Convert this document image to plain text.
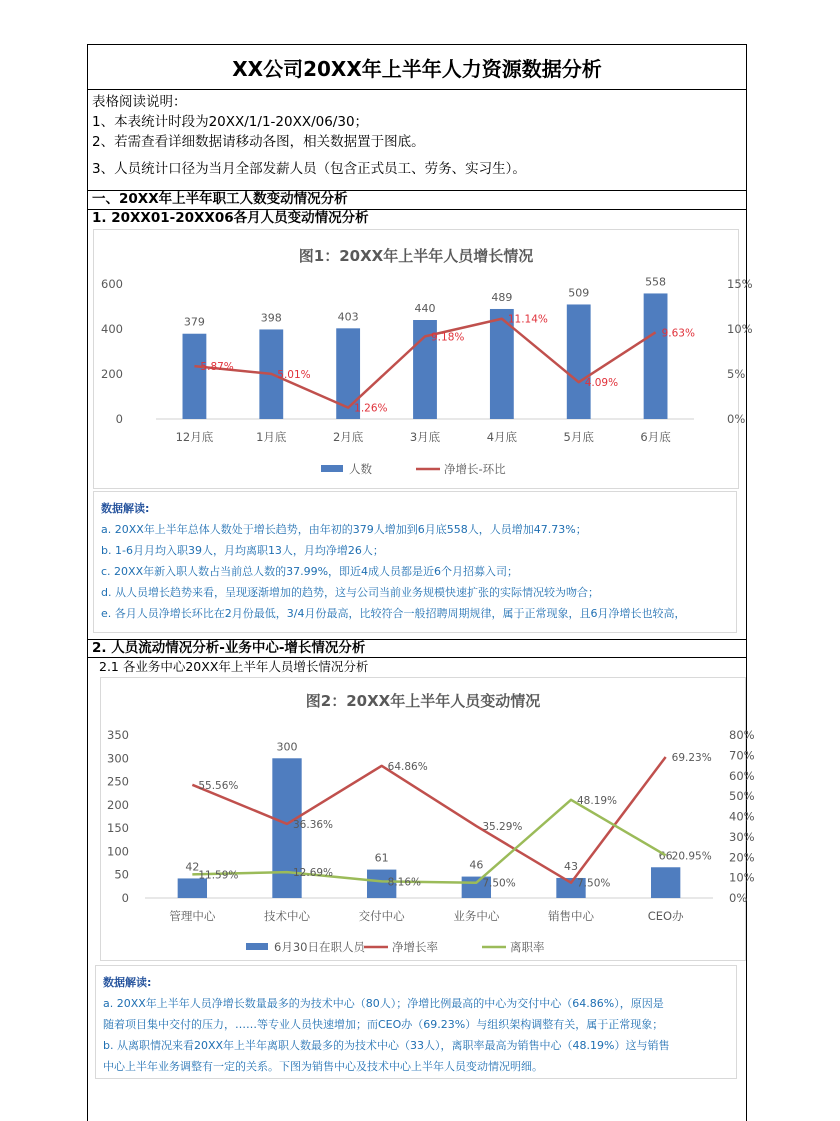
XX公司20XX年上半年人力资源数据分析
表格阅读说明：
1、本表统计时段为20XX/1/1-20XX/06/30；
2、若需查看详细数据请移动各图，相关数据置于图底。
3、人员统计口径为当月全部发薪人员（包含正式员工、劳务、实习生）。
一、20XX年上半年职工人数变动情况分析
1. 20XX01-20XX06各月人员变动情况分析
图1：20XX年上半年人员增长情况
0
200
400
600
0%
5%
10%
15%
12月底	1月底	2月底	3月底	4月底	5月底	6月底
379	398	403
440
489	509
558
5.87%
5.01%
1.26%
9.18%
11.14%
4.09%
9.63%
人数	净增长-环比
数据解读:
a. 20XX年上半年总体人数处于增长趋势，由年初的379人增加到6月底558人，人员增加47.73%；
b. 1-6月月均入职39人，月均离职13人，月均净增26人；
c. 20XX年新入职人数占当前总人数的37.99%，即近4成人员都是近6个月招募入司；
d. 从人员增长趋势来看，呈现逐渐增加的趋势，这与公司当前业务规模快速扩张的实际情况较为吻合；
e. 各月人员净增长环比在2月份最低，3/4月份最高，比较符合一般招聘周期规律，属于正常现象，且6月净增长也较高，
2. 人员流动情况分析-业务中心-增长情况分析
2.1 各业务中心20XX年上半年人员增长情况分析
图2：20XX年上半年人员变动情况
0
50
100
150
200
250
300
350
0%
10%
20%
30%
40%
50%
60%
70%
80%
管理中心	技术中心	交付中心	业务中心	销售中心	CEO办
42
300
61
46	43
66
55.56%
36.36%
64.86%
35.29%
7.50%
69.23%
11.59%	12.69%
8.16%	7.50%
48.19%
20.95%
6月30日在职人员 净增长率	离职率
数据解读:
a. 20XX年上半年人员净增长数量最多的为技术中心（80人）；净增比例最高的中心为交付中心（64.86%），原因是
随着项目集中交付的压力，……等专业人员快速增加；而CEO办（69.23%）与组织架构调整有关，属于正常现象；
b. 从离职情况来看20XX年上半年离职人数最多的为技术中心（33人），离职率最高为销售中心（48.19%）这与销售
中心上半年业务调整有一定的关系。下图为销售中心及技术中心上半年人员变动情况明细。
